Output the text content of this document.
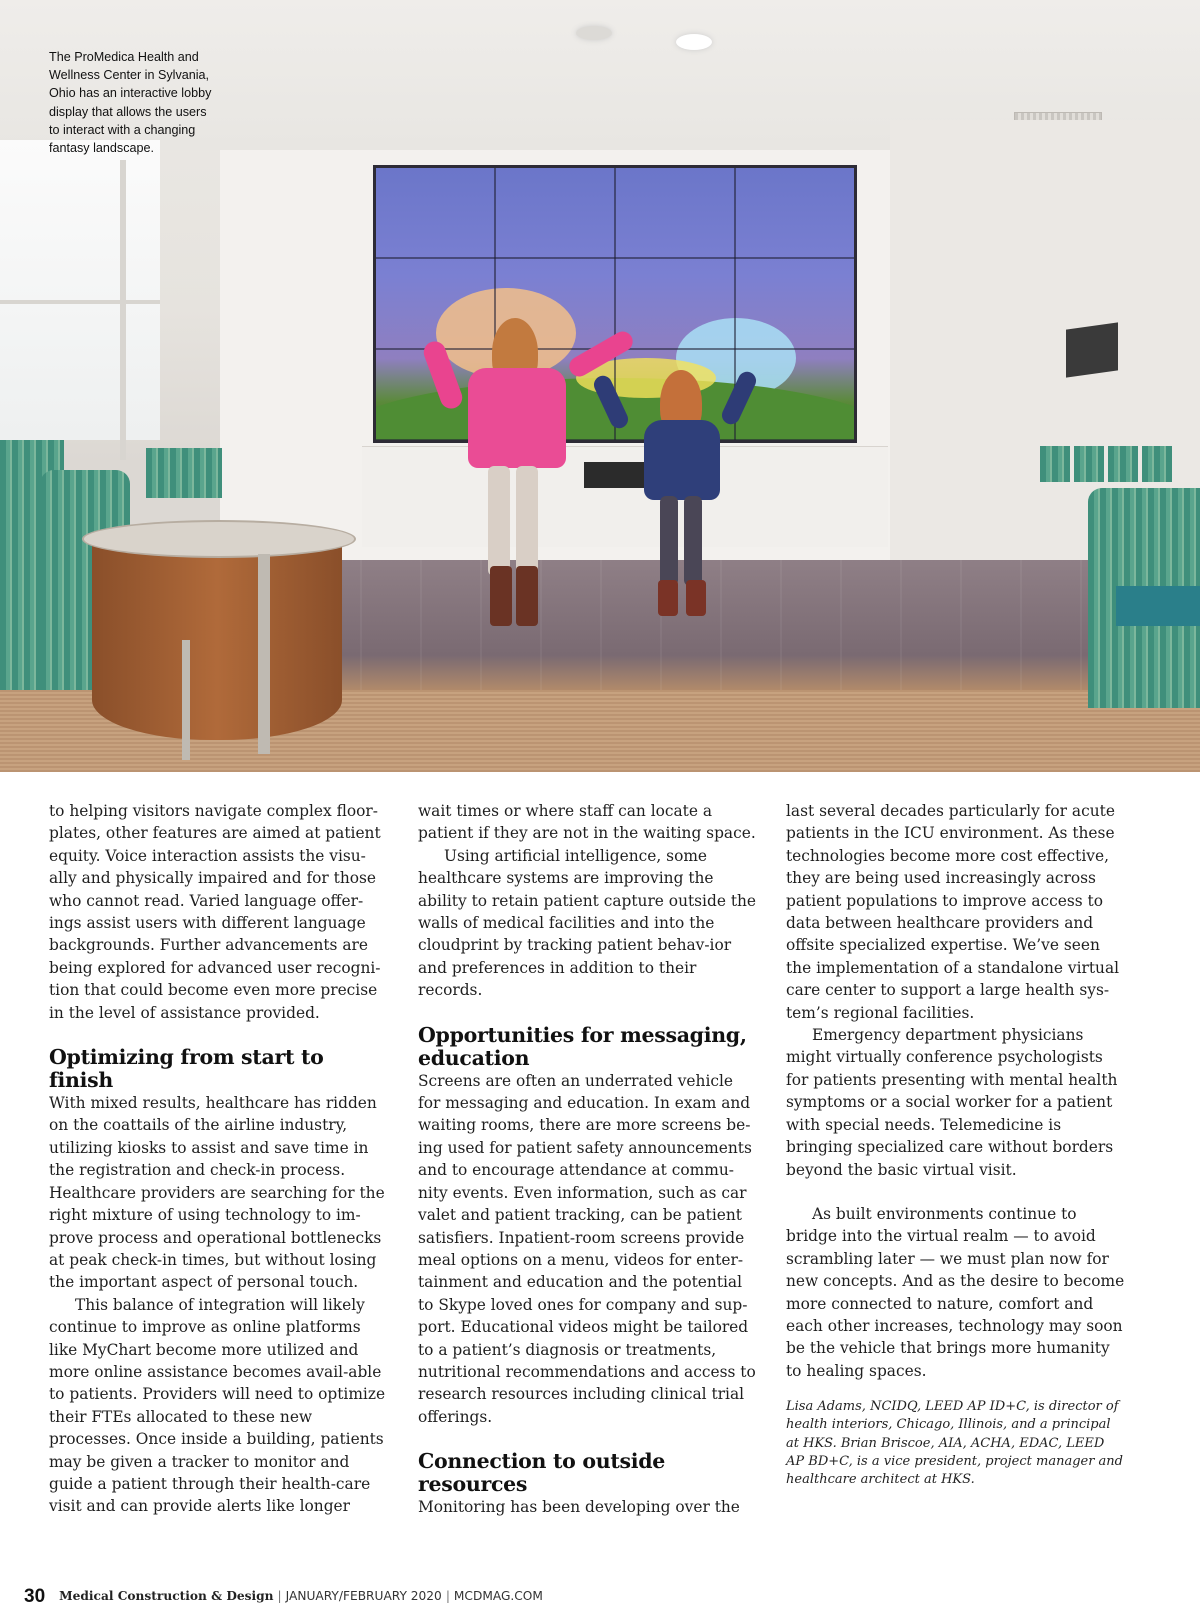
The ProMedica Health and Wellness Center in Sylvania, Ohio has an interactive lobby display that allows the users to interact with a changing fantasy landscape.

to helping visitors navigate complex floor-plates, other features are aimed at patient equity. Voice interaction assists the visu-ally and physically impaired and for those who cannot read. Varied language offer-ings assist users with different language backgrounds. Further advancements are being explored for advanced user recogni-tion that could become even more precise in the level of assistance provided.

Optimizing from start to finish

With mixed results, healthcare has ridden on the coattails of the airline industry, utilizing kiosks to assist and save time in the registration and check-in process. Healthcare providers are searching for the right mixture of using technology to im-prove process and operational bottlenecks at peak check-in times, but without losing the important aspect of personal touch.

This balance of integration will likely continue to improve as online platforms like MyChart become more utilized and more online assistance becomes avail-able to patients. Providers will need to optimize their FTEs allocated to these new processes. Once inside a building, patients may be given a tracker to monitor and guide a patient through their health-care visit and can provide alerts like longer

wait times or where staff can locate a patient if they are not in the waiting space.

Using artificial intelligence, some healthcare systems are improving the ability to retain patient capture outside the walls of medical facilities and into the cloudprint by tracking patient behav-ior and preferences in addition to their records.

Opportunities for messaging, education

Screens are often an underrated vehicle for messaging and education. In exam and waiting rooms, there are more screens be-ing used for patient safety announcements and to encourage attendance at commu-nity events. Even information, such as car valet and patient tracking, can be patient satisfiers. Inpatient-room screens provide meal options on a menu, videos for enter-tainment and education and the potential to Skype loved ones for company and sup-port. Educational videos might be tailored to a patient’s diagnosis or treatments, nutritional recommendations and access to research resources including clinical trial offerings.

Connection to outside resources

Monitoring has been developing over the

last several decades particularly for acute patients in the ICU environment. As these technologies become more cost effective, they are being used increasingly across patient populations to improve access to data between healthcare providers and offsite specialized expertise. We’ve seen the implementation of a standalone virtual care center to support a large health sys-tem’s regional facilities.

Emergency department physicians might virtually conference psychologists for patients presenting with mental health symptoms or a social worker for a patient with special needs. Telemedicine is bringing specialized care without borders beyond the basic virtual visit.

As built environments continue to bridge into the virtual realm — to avoid scrambling later — we must plan now for new concepts. And as the desire to become more connected to nature, comfort and each other increases, technology may soon be the vehicle that brings more humanity to healing spaces.

Lisa Adams, NCIDQ, LEED AP ID+C, is director of health interiors, Chicago, Illinois, and a principal at HKS. Brian Briscoe, AIA, ACHA, EDAC, LEED AP BD+C, is a vice president, project manager and healthcare architect at HKS.

30 Medical Construction & Design | JANUARY/FEBRUARY 2020 | MCDMAG.COM
